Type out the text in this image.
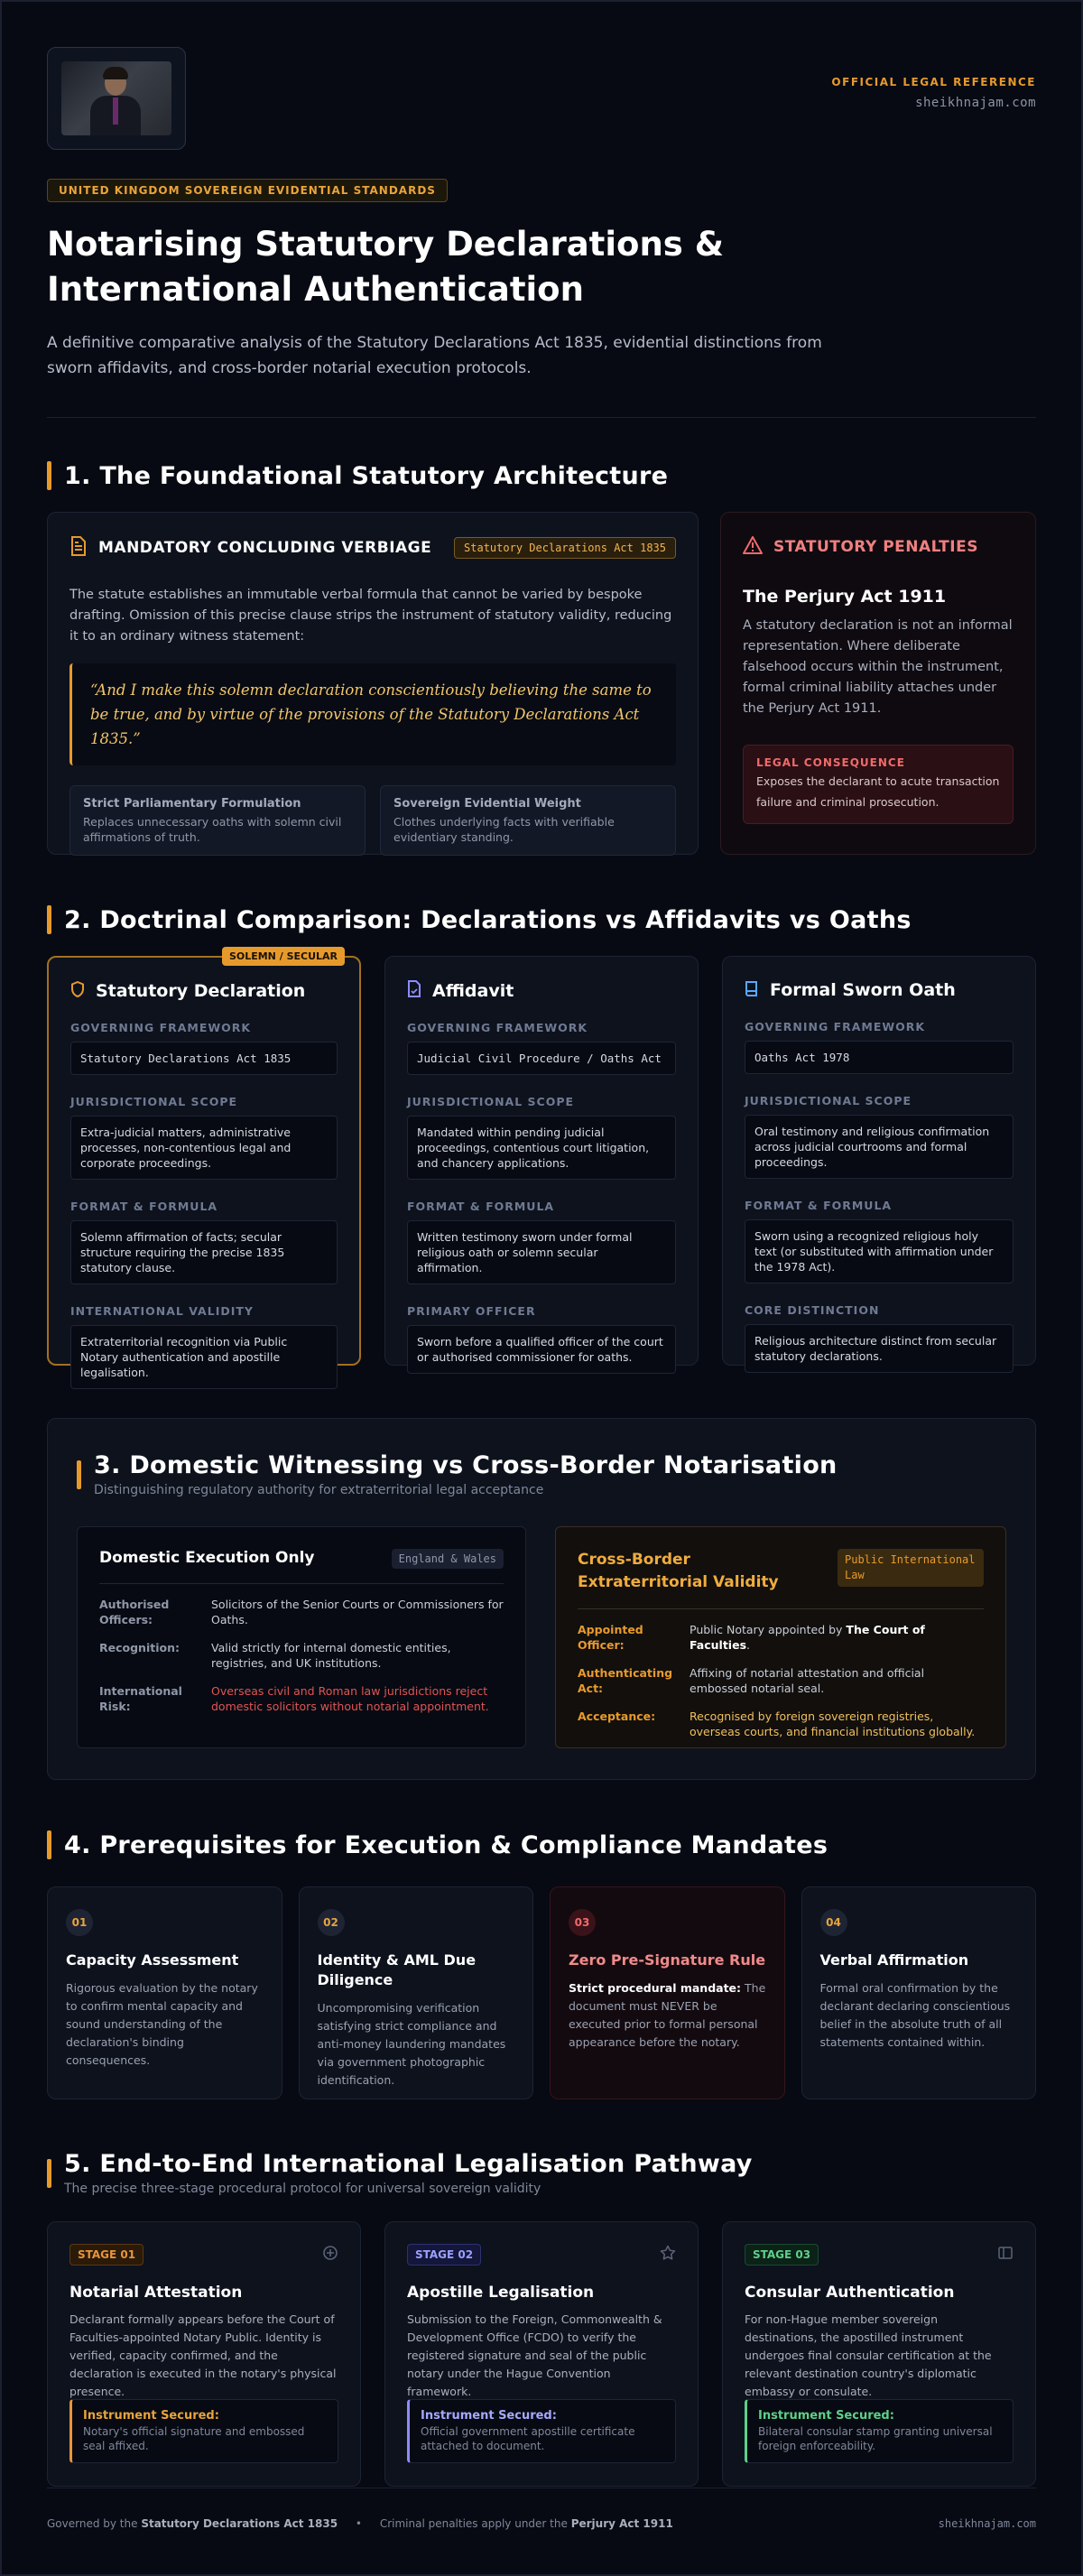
OFFICIAL LEGAL REFERENCE
sheikhnajam.com
UNITED KINGDOM SOVEREIGN EVIDENTIAL STANDARDS
Notarising Statutory Declarations & International Authentication

A definitive comparative analysis of the Statutory Declarations Act 1835, evidential distinctions from sworn affidavits, and cross-border notarial execution protocols.

1. The Foundational Statutory Architecture
MANDATORY CONCLUDING VERBIAGE	Statutory Declarations Act 1835

The statute establishes an immutable verbal formula that cannot be varied by bespoke drafting. Omission of this precise clause strips the instrument of statutory validity, reducing it to an ordinary witness statement:

“And I make this solemn declaration conscientiously believing the same to be true, and by virtue of the provisions of the Statutory Declarations Act 1835.”
Strict Parliamentary Formulation
Replaces unnecessary oaths with solemn civil affirmations of truth.
Sovereign Evidential Weight
Clothes underlying facts with verifiable evidentiary standing.
STATUTORY PENALTIES
The Perjury Act 1911

A statutory declaration is not an informal representation. Where deliberate falsehood occurs within the instrument, formal criminal liability attaches under the Perjury Act 1911.

LEGAL CONSEQUENCE
Exposes the declarant to acute transaction failure and criminal prosecution.
2. Doctrinal Comparison: Declarations vs Affidavits vs Oaths
SOLEMN / SECULAR
Statutory Declaration
GOVERNING FRAMEWORK
Statutory Declarations Act 1835
JURISDICTIONAL SCOPE
Extra-judicial matters, administrative processes, non-contentious legal and corporate proceedings.
FORMAT & FORMULA
Solemn affirmation of facts; secular structure requiring the precise 1835 statutory clause.
INTERNATIONAL VALIDITY
Extraterritorial recognition via Public Notary authentication and apostille legalisation.
Affidavit
GOVERNING FRAMEWORK
Judicial Civil Procedure / Oaths Act
JURISDICTIONAL SCOPE
Mandated within pending judicial proceedings, contentious court litigation, and chancery applications.
FORMAT & FORMULA
Written testimony sworn under formal religious oath or solemn secular affirmation.
PRIMARY OFFICER
Sworn before a qualified officer of the court or authorised commissioner for oaths.
Formal Sworn Oath
GOVERNING FRAMEWORK
Oaths Act 1978
JURISDICTIONAL SCOPE
Oral testimony and religious confirmation across judicial courtrooms and formal proceedings.
FORMAT & FORMULA
Sworn using a recognized religious holy text (or substituted with affirmation under the 1978 Act).
CORE DISTINCTION
Religious architecture distinct from secular statutory declarations.
3. Domestic Witnessing vs Cross-Border Notarisation
Distinguishing regulatory authority for extraterritorial legal acceptance
Domestic Execution Only	England & Wales
Authorised Officers:
Solicitors of the Senior Courts or Commissioners for Oaths.
Recognition:	Valid strictly for internal domestic entities, registries, and UK institutions.
International Risk:
Overseas civil and Roman law jurisdictions reject domestic solicitors without notarial appointment.
Cross-Border Extraterritorial Validity
Public International Law
Appointed Officer:
Public Notary appointed by The Court of Faculties.
Authenticating Act:
Affixing of notarial attestation and official embossed notarial seal.
Acceptance:	Recognised by foreign sovereign registries, overseas courts, and financial institutions globally.
4. Prerequisites for Execution & Compliance Mandates
01
Capacity Assessment
Rigorous evaluation by the notary to confirm mental capacity and sound understanding of the declaration's binding consequences.
02
Identity & AML Due Diligence
Uncompromising verification satisfying strict compliance and anti-money laundering mandates via government photographic identification.
03
Zero Pre-Signature Rule
Strict procedural mandate: The document must NEVER be executed prior to formal personal appearance before the notary.
04
Verbal Affirmation
Formal oral confirmation by the declarant declaring conscientious belief in the absolute truth of all statements contained within.
5. End-to-End International Legalisation Pathway
The precise three-stage procedural protocol for universal sovereign validity
STAGE 01
Notarial Attestation
Declarant formally appears before the Court of Faculties-appointed Notary Public. Identity is verified, capacity confirmed, and the declaration is executed in the notary's physical presence.
Instrument Secured:
Notary's official signature and embossed seal affixed.
STAGE 02
Apostille Legalisation
Submission to the Foreign, Commonwealth & Development Office (FCDO) to verify the registered signature and seal of the public notary under the Hague Convention framework.
Instrument Secured:
Official government apostille certificate attached to document.
STAGE 03
Consular Authentication
For non-Hague member sovereign destinations, the apostilled instrument undergoes final consular certification at the relevant destination country's diplomatic embassy or consulate.
Instrument Secured:
Bilateral consular stamp granting universal foreign enforceability.
Governed by the Statutory Declarations Act 1835 • Criminal penalties apply under the Perjury Act 1911	sheikhnajam.com
